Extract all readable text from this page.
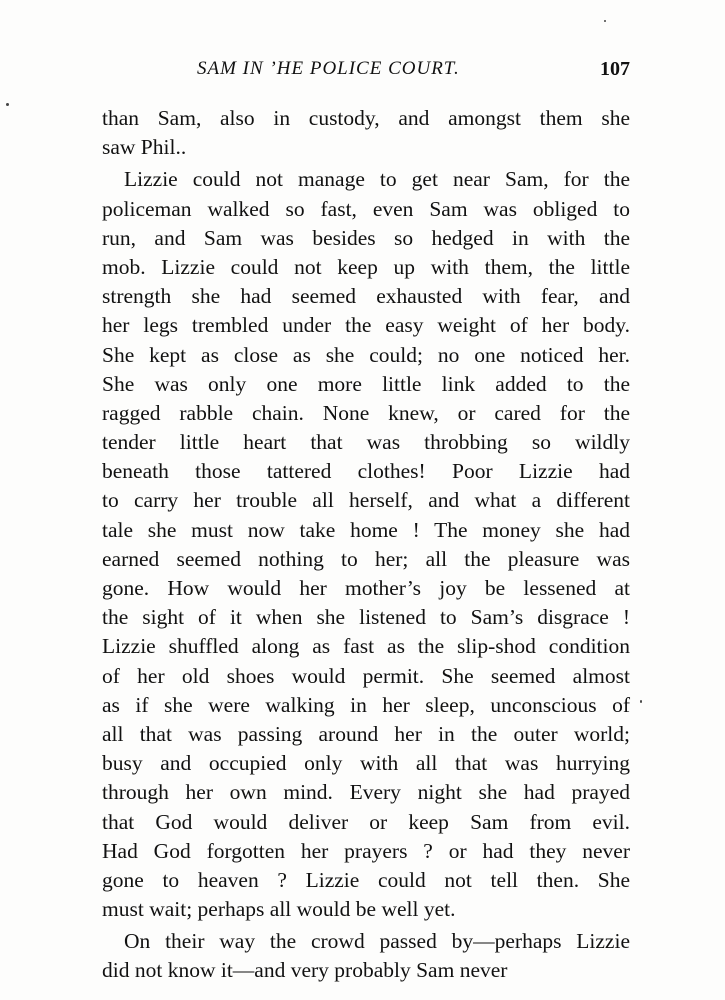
SAM IN ’HE POLICE COURT.	107
than Sam, also in custody, and amongst them she
saw Phil..
Lizzie could not manage to get near Sam, for the
policeman walked so fast, even Sam was obliged to
run, and Sam was besides so hedged in with the
mob. Lizzie could not keep up with them, the little
strength she had seemed exhausted with fear, and
her legs trembled under the easy weight of her body.
She kept as close as she could; no one noticed her.
She was only one more little link added to the
ragged rabble chain. None knew, or cared for the
tender little heart that was throbbing so wildly
beneath those tattered clothes! Poor Lizzie had
to carry her trouble all herself, and what a different
tale she must now take home ! The money she had
earned seemed nothing to her; all the pleasure was
gone. How would her mother’s joy be lessened at
the sight of it when she listened to Sam’s disgrace !
Lizzie shuffled along as fast as the slip-shod condition
of her old shoes would permit. She seemed almost
as if she were walking in her sleep, unconscious of
all that was passing around her in the outer world;
busy and occupied only with all that was hurrying
through her own mind. Every night she had prayed
that God would deliver or keep Sam from evil.
Had God forgotten her prayers ? or had they never
gone to heaven ? Lizzie could not tell then. She
must wait; perhaps all would be well yet.
On their way the crowd passed by—perhaps Lizzie
did not know it—and very probably Sam never
